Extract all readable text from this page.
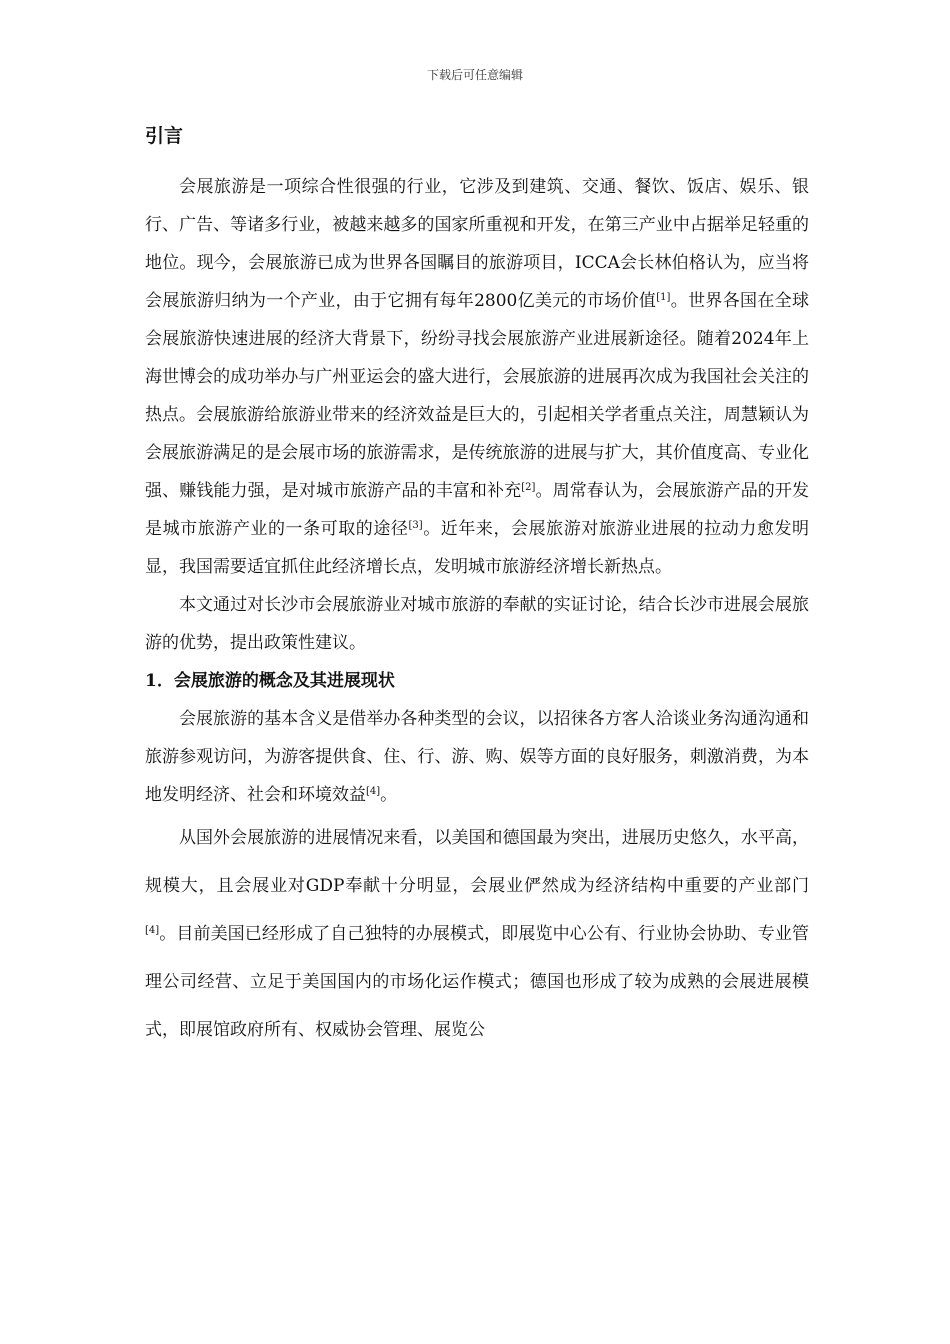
下载后可任意编辑
引言

会展旅游是一项综合性很强的行业，它涉及到建筑、交通、餐饮、饭店、娱乐、银行、广告、等诸多行业，被越来越多的国家所重视和开发，在第三产业中占据举足轻重的地位。现今，会展旅游已成为世界各国瞩目的旅游项目，ICCA会长林伯格认为，应当将会展旅游归纳为一个产业，由于它拥有每年2800亿美元的市场价值[1]。世界各国在全球会展旅游快速进展的经济大背景下，纷纷寻找会展旅游产业进展新途径。随着2024年上海世博会的成功举办与广州亚运会的盛大进行，会展旅游的进展再次成为我国社会关注的热点。会展旅游给旅游业带来的经济效益是巨大的，引起相关学者重点关注，周慧颖认为会展旅游满足的是会展市场的旅游需求，是传统旅游的进展与扩大，其价值度高、专业化强、赚钱能力强，是对城市旅游产品的丰富和补充[2]。周常春认为，会展旅游产品的开发是城市旅游产业的一条可取的途径[3]。近年来，会展旅游对旅游业进展的拉动力愈发明显，我国需要适宜抓住此经济增长点，发明城市旅游经济增长新热点。

本文通过对长沙市会展旅游业对城市旅游的奉献的实证讨论，结合长沙市进展会展旅游的优势，提出政策性建议。

1．会展旅游的概念及其进展现状

会展旅游的基本含义是借举办各种类型的会议，以招徕各方客人洽谈业务沟通沟通和旅游参观访问，为游客提供食、住、行、游、购、娱等方面的良好服务，刺激消费，为本地发明经济、社会和环境效益[4]。

从国外会展旅游的进展情况来看，以美国和德国最为突出，进展历史悠久，水平高，规模大，且会展业对GDP奉献十分明显，会展业俨然成为经济结构中重要的产业部门[4]。目前美国已经形成了自己独特的办展模式，即展览中心公有、行业协会协助、专业管理公司经营、立足于美国国内的市场化运作模式；德国也形成了较为成熟的会展进展模式，即展馆政府所有、权威协会管理、展览公
